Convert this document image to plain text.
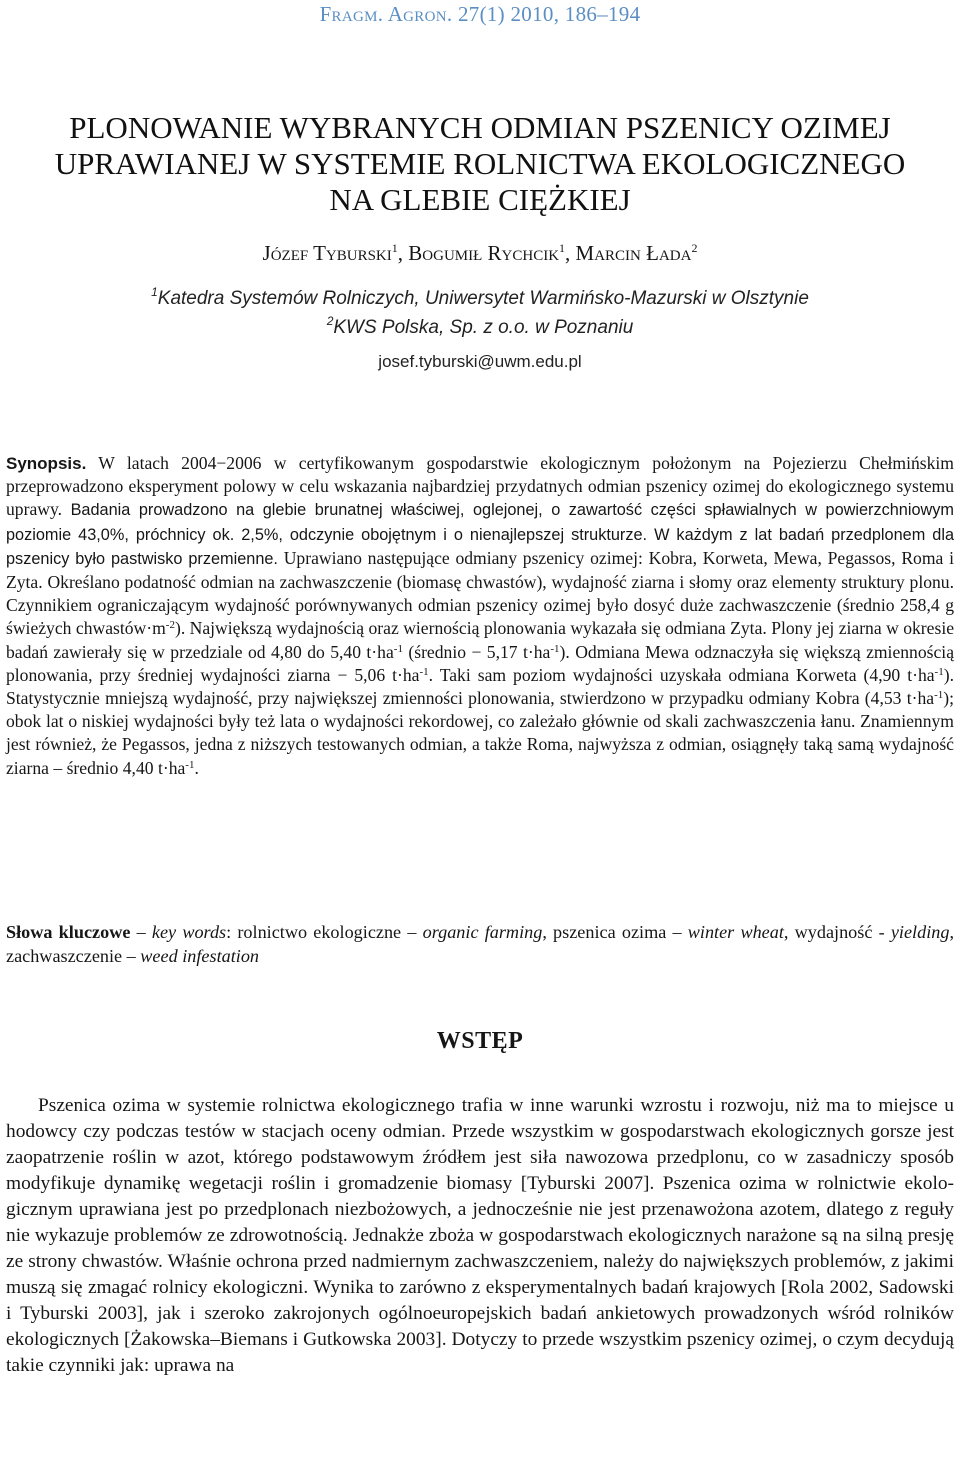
Fragm. Agron. 27(1) 2010, 186–194
PLONOWANIE WYBRANYCH ODMIAN PSZENICY OZIMEJ
UPRAWIANEJ W SYSTEMIE ROLNICTWA EKOLOGICZNEGO
NA GLEBIE CIĘŻKIEJ
Józef Tyburski$^1$, Bogumił Rychcik$^1$, Marcin Łada$^2$
$^1$Katedra Systemów Rolniczych, Uniwersytet Warmińsko-Mazurski w Olsztynie
$^2$KWS Polska, Sp. z o.o. w Poznaniu
josef.tyburski@uwm.edu.pl
Synopsis. W latach 2004−2006 w certyfikowanym gospodarstwie ekologicznym położonym na Pojezierzu Chełmińskim przeprowadzono eksperyment polowy w celu wskazania najbardziej przydatnych odmian pszenicy ozimej do ekologicznego systemu uprawy. Badania prowadzono na glebie brunatnej właściwej, oglejonej, o zawartość części spławialnych w powierzchniowym poziomie 43,0%, próchnicy ok. 2,5%, odczynie obojętnym i o nienajlepszej strukturze. W każdym z lat badań przedplonem dla pszenicy było pastwisko przemienne. Uprawiano następujące odmiany pszenicy ozimej: Kobra, Korweta, Mewa, Pegassos, Roma i Zyta. Określano podatność odmian na zachwaszczenie (biomasę chwastów), wydajność ziarna i słomy oraz elementy struktury plonu. Czynnikiem ograniczającym wydajność porównywanych odmian pszenicy ozimej było dosyć duże zachwaszczenie (średnio 258,4 g świeżych $chwastów\cdot m^{-2}$). Największą wydajnością oraz wiernością plonowania wykazała się odmiana Zyta. Plony jej ziarna w okresie badań zawierały się w przedziale od 4,80 do 5,40 $t\cdot ha^{-1}$ (średnio − 5,17 $t\cdot ha^{-1}$). Odmiana Mewa odznaczyła się większą zmiennością plonowania, przy średniej wydajności ziarna − 5,06 $t\cdot ha^{-1}$. Taki sam poziom wydajności uzyskała odmiana Korweta (4,90 $t\cdot ha^{-1}$). Statystycznie mniejszą wydajność, przy największej zmienności plonowania, stwierdzono w przypadku odmiany Kobra (4,53 $t\cdot ha^{-1}$); obok lat o niskiej wydajności były też lata o wydajności rekordowej, co zależało głównie od skali zachwaszczenia łanu. Znamiennym jest również, że Pegassos, jedna z niższych testowanych odmian, a także Roma, najwyższa z odmian, osiągnęły taką samą wydajność ziarna – średnio 4,40 $t\cdot ha^{-1}$.
Słowa kluczowe – key words: rolnictwo ekologiczne – organic farming, pszenica ozima – winter wheat, wydajność - yielding, zachwaszczenie – weed infestation
WSTĘP
Pszenica ozima w systemie rolnictwa ekologicznego trafia w inne warunki wzrostu i rozwoju, niż ma to miejsce u hodowcy czy podczas testów w stacjach oceny odmian. Przede wszystkim w gospodarstwach ekologicznych gorsze jest zaopatrzenie roślin w azot, którego podstawowym źródłem jest siła nawozowa przedplonu, co w zasadniczy sposób modyfikuje dynamikę wegetacji roślin i gromadzenie biomasy [Tyburski 2007]. Pszenica ozima w rolnictwie ekologicznym uprawiana jest po przedplonach niezbożowych, a jednocześnie nie jest przenawożona azotem, dlatego z reguły nie wykazuje problemów ze zdrowotnością. Jednakże zboża w gospodarstwach ekologicznych narażone są na silną presję ze strony chwastów. Właśnie ochrona przed nadmiernym zachwaszczeniem, należy do największych problemów, z jakimi muszą się zmagać rolnicy ekologiczni. Wynika to zarówno z eksperymentalnych badań krajowych [Rola 2002, Sadowski i Tyburski 2003], jak i szeroko zakrojonych ogólnoeuropejskich badań ankietowych prowadzonych wśród rolników ekologicznych [Żakowska–Biemans i Gutkowska 2003]. Dotyczy to przede wszystkim pszenicy ozimej, o czym decydują takie czynniki jak: uprawa na
